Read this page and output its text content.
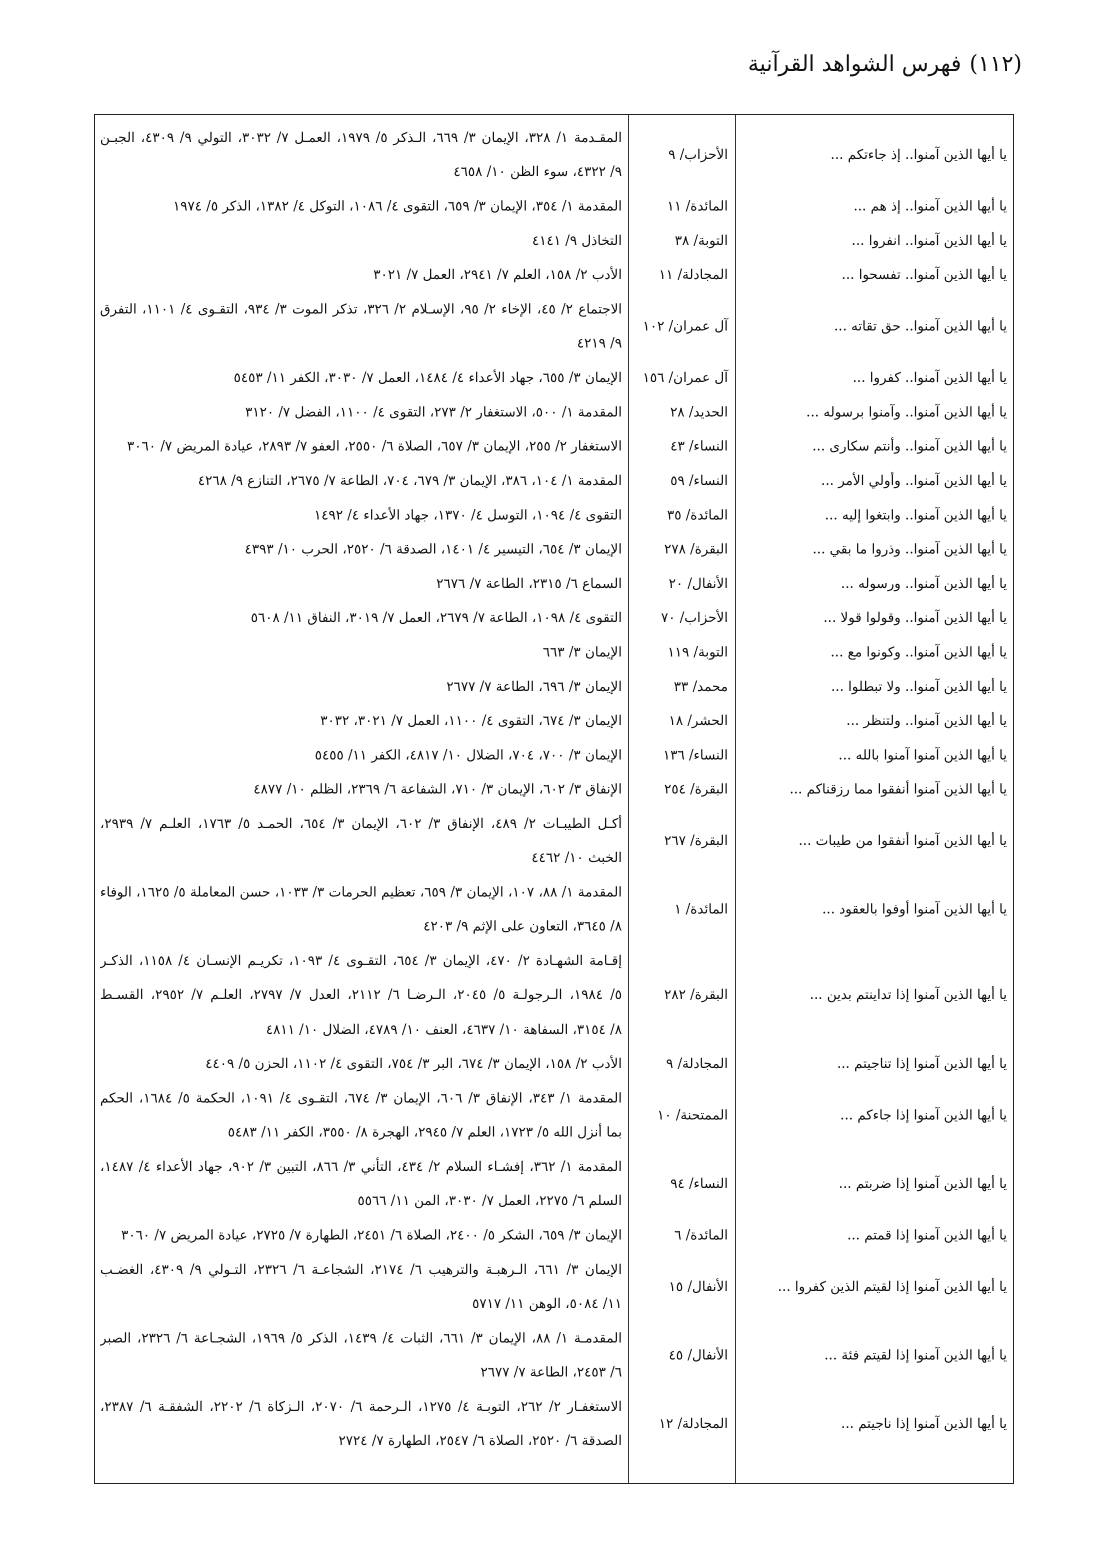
(١١٢)
فهرس الشواهد القرآنية
يا أيها الذين آمنوا.. إذ جاءتكم ...
الأحزاب/ ٩
المقـدمة ١/ ٣٢٨، الإيمان ٣/ ٦٦٩، الـذكر ٥/ ١٩٧٩، العمـل ٧/ ٣٠٣٢، التولي ٩/ ٤٣٠٩، الجبـن
٩/ ٤٣٢٢، سوء الظن ١٠/ ٤٦٥٨
يا أيها الذين آمنوا.. إذ هم ...
المائدة/ ١١
المقدمة ١/ ٣٥٤، الإيمان ٣/ ٦٥٩، التقوى ٤/ ١٠٨٦، التوكل ٤/ ١٣٨٢، الذكر ٥/ ١٩٧٤
يا أيها الذين آمنوا.. انفروا ...
التوبة/ ٣٨
التخاذل ٩/ ٤١٤١
يا أيها الذين آمنوا.. تفسحوا ...
المجادلة/ ١١
الأدب ٢/ ١٥٨، العلم ٧/ ٢٩٤١، العمل ٧/ ٣٠٢١
يا أيها الذين آمنوا.. حق تقاته ...
آل عمران/ ١٠٢
الاجتماع ٢/ ٤٥، الإخاء ٢/ ٩٥، الإسـلام ٢/ ٣٢٦، تذكر الموت ٣/ ٩٣٤، التقـوى ٤/ ١١٠١، التفرق
٩/ ٤٢١٩
يا أيها الذين آمنوا.. كفروا ...
آل عمران/ ١٥٦
الإيمان ٣/ ٦٥٥، جهاد الأعداء ٤/ ١٤٨٤، العمل ٧/ ٣٠٣٠، الكفر ١١/ ٥٤٥٣
يا أيها الذين آمنوا.. وآمنوا برسوله ...
الحديد/ ٢٨
المقدمة ١/ ٥٠٠، الاستغفار ٢/ ٢٧٣، التقوى ٤/ ١١٠٠، الفضل ٧/ ٣١٢٠
يا أيها الذين آمنوا.. وأنتم سكارى ...
النساء/ ٤٣
الاستغفار ٢/ ٢٥٥، الإيمان ٣/ ٦٥٧، الصلاة ٦/ ٢٥٥٠، العفو ٧/ ٢٨٩٣، عيادة المريض ٧/ ٣٠٦٠
يا أيها الذين آمنوا.. وأولي الأمر ...
النساء/ ٥٩
المقدمة ١/ ١٠٤، ٣٨٦، الإيمان ٣/ ٦٧٩، ٧٠٤، الطاعة ٧/ ٢٦٧٥، التنازع ٩/ ٤٢٦٨
يا أيها الذين آمنوا.. وابتغوا إليه ...
المائدة/ ٣٥
التقوى ٤/ ١٠٩٤، التوسل ٤/ ١٣٧٠، جهاد الأعداء ٤/ ١٤٩٢
يا أيها الذين آمنوا.. وذروا ما بقي ...
البقرة/ ٢٧٨
الإيمان ٣/ ٦٥٤، التيسير ٤/ ١٤٠١، الصدقة ٦/ ٢٥٢٠، الحرب ١٠/ ٤٣٩٣
يا أيها الذين آمنوا.. ورسوله ...
الأنفال/ ٢٠
السماع ٦/ ٢٣١٥، الطاعة ٧/ ٢٦٧٦
يا أيها الذين آمنوا.. وقولوا قولا ...
الأحزاب/ ٧٠
التقوى ٤/ ١٠٩٨، الطاعة ٧/ ٢٦٧٩، العمل ٧/ ٣٠١٩، النفاق ١١/ ٥٦٠٨
يا أيها الذين آمنوا.. وكونوا مع ...
التوبة/ ١١٩
الإيمان ٣/ ٦٦٣
يا أيها الذين آمنوا.. ولا تبطلوا ...
محمد/ ٣٣
الإيمان ٣/ ٦٩٦، الطاعة ٧/ ٢٦٧٧
يا أيها الذين آمنوا.. ولتنظر ...
الحشر/ ١٨
الإيمان ٣/ ٦٧٤، التقوى ٤/ ١١٠٠، العمل ٧/ ٣٠٢١، ٣٠٣٢
يا أيها الذين آمنوا آمنوا بالله ...
النساء/ ١٣٦
الإيمان ٣/ ٧٠٠، ٧٠٤، الضلال ١٠/ ٤٨١٧، الكفر ١١/ ٥٤٥٥
يا أيها الذين آمنوا أنفقوا مما رزقناكم ...
البقرة/ ٢٥٤
الإنفاق ٣/ ٦٠٢، الإيمان ٣/ ٧١٠، الشفاعة ٦/ ٢٣٦٩، الظلم ١٠/ ٤٨٧٧
يا أيها الذين آمنوا أنفقوا من طيبات ...
البقرة/ ٢٦٧
أكـل الطيبـات ٢/ ٤٨٩، الإنفاق ٣/ ٦٠٢، الإيمان ٣/ ٦٥٤، الحمـد ٥/ ١٧٦٣، العلـم ٧/ ٢٩٣٩،
الخبث ١٠/ ٤٤٦٢
يا أيها الذين آمنوا أوفوا بالعقود ...
المائدة/ ١
المقدمة ١/ ٨٨، ١٠٧، الإيمان ٣/ ٦٥٩، تعظيم الحرمات ٣/ ١٠٣٣، حسن المعاملة ٥/ ١٦٢٥، الوفاء
٨/ ٣٦٤٥، التعاون على الإثم ٩/ ٤٢٠٣
يا أيها الذين آمنوا إذا تداينتم بدين ...
البقرة/ ٢٨٢
إقـامة الشهـادة ٢/ ٤٧٠، الإيمان ٣/ ٦٥٤، التقـوى ٤/ ١٠٩٣، تكريـم الإنسـان ٤/ ١١٥٨، الذكـر
٥/ ١٩٨٤، الـرجولـة ٥/ ٢٠٤٥، الـرضـا ٦/ ٢١١٢، العدل ٧/ ٢٧٩٧، العلـم ٧/ ٢٩٥٢، القسـط
٨/ ٣١٥٤، السفاهة ١٠/ ٤٦٣٧، العنف ١٠/ ٤٧٨٩، الضلال ١٠/ ٤٨١١
يا أيها الذين آمنوا إذا تناجيتم ...
المجادلة/ ٩
الأدب ٢/ ١٥٨، الإيمان ٣/ ٦٧٤، البر ٣/ ٧٥٤، التقوى ٤/ ١١٠٢، الحزن ٥/ ٤٤٠٩
يا أيها الذين آمنوا إذا جاءكم ...
الممتحنة/ ١٠
المقدمة ١/ ٣٤٣، الإنفاق ٣/ ٦٠٦، الإيمان ٣/ ٦٧٤، التقـوى ٤/ ١٠٩١، الحكمة ٥/ ١٦٨٤، الحكم
بما أنزل الله ٥/ ١٧٢٣، العلم ٧/ ٢٩٤٥، الهجرة ٨/ ٣٥٥٠، الكفر ١١/ ٥٤٨٣
يا أيها الذين آمنوا إذا ضربتم ...
النساء/ ٩٤
المقدمة ١/ ٣٦٢، إفشـاء السلام ٢/ ٤٣٤، التأني ٣/ ٨٦٦، التبين ٣/ ٩٠٢، جهاد الأعداء ٤/ ١٤٨٧،
السلم ٦/ ٢٢٧٥، العمل ٧/ ٣٠٣٠، المن ١١/ ٥٥٦٦
يا أيها الذين آمنوا إذا قمتم ...
المائدة/ ٦
الإيمان ٣/ ٦٥٩، الشكر ٥/ ٢٤٠٠، الصلاة ٦/ ٢٤٥١، الطهارة ٧/ ٢٧٢٥، عيادة المريض ٧/ ٣٠٦٠
يا أيها الذين آمنوا إذا لقيتم الذين كفروا ...
الأنفال/ ١٥
الإيمان ٣/ ٦٦١، الـرهبـة والترهيب ٦/ ٢١٧٤، الشجاعـة ٦/ ٢٣٢٦، التـولي ٩/ ٤٣٠٩، الغضـب
١١/ ٥٠٨٤، الوهن ١١/ ٥٧١٧
يا أيها الذين آمنوا إذا لقيتم فئة ...
الأنفال/ ٤٥
المقدمـة ١/ ٨٨، الإيمان ٣/ ٦٦١، الثبات ٤/ ١٤٣٩، الذكر ٥/ ١٩٦٩، الشجـاعة ٦/ ٢٣٢٦، الصبر
٦/ ٢٤٥٣، الطاعة ٧/ ٢٦٧٧
يا أيها الذين آمنوا إذا ناجيتم ...
المجادلة/ ١٢
الاستغفـار ٢/ ٢٦٢، التوبـة ٤/ ١٢٧٥، الـرحمة ٦/ ٢٠٧٠، الـزكاة ٦/ ٢٢٠٢، الشفقـة ٦/ ٢٣٨٧،
الصدقة ٦/ ٢٥٢٠، الصلاة ٦/ ٢٥٤٧، الطهارة ٧/ ٢٧٢٤
